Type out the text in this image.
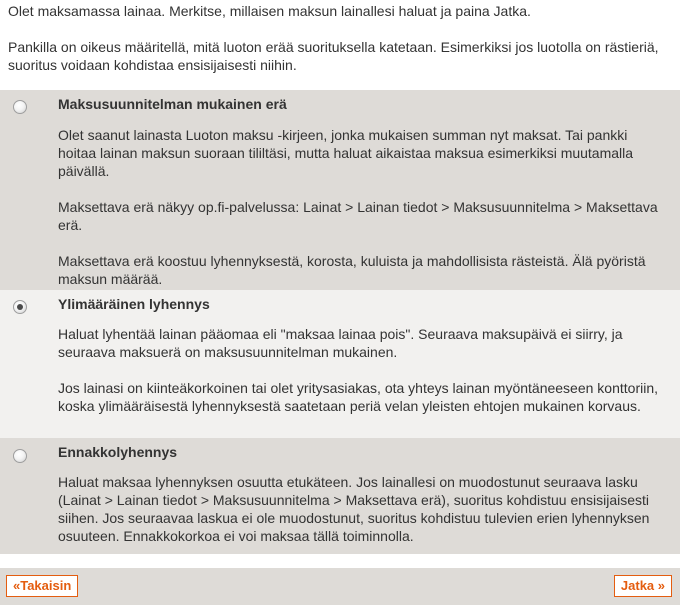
Olet maksamassa lainaa. Merkitse, millaisen maksun lainallesi haluat ja paina Jatka.

Pankilla on oikeus määritellä, mitä luoton erää suorituksella katetaan. Esimerkiksi jos luotolla on rästieriä, suoritus voidaan kohdistaa ensisijaisesti niihin.

Maksusuunnitelman mukainen erä

Olet saanut lainasta Luoton maksu -kirjeen, jonka mukaisen summan nyt maksat. Tai pankki hoitaa lainan maksun suoraan tililtäsi, mutta haluat aikaistaa maksua esimerkiksi muutamalla päivällä.

Maksettava erä näkyy op.fi-palvelussa: Lainat > Lainan tiedot > Maksusuunnitelma > Maksettava erä.

Maksettava erä koostuu lyhennyksestä, korosta, kuluista ja mahdollisista rästeistä. Älä pyöristä maksun määrää.

Ylimääräinen lyhennys

Haluat lyhentää lainan pääomaa eli "maksaa lainaa pois". Seuraava maksupäivä ei siirry, ja seuraava maksuerä on maksusuunnitelman mukainen.

Jos lainasi on kiinteäkorkoinen tai olet yritysasiakas, ota yhteys lainan myöntäneeseen konttoriin, koska ylimääräisestä lyhennyksestä saatetaan periä velan yleisten ehtojen mukainen korvaus.

Ennakkolyhennys

Haluat maksaa lyhennyksen osuutta etukäteen. Jos lainallesi on muodostunut seuraava lasku (Lainat > Lainan tiedot > Maksusuunnitelma > Maksettava erä), suoritus kohdistuu ensisijaisesti siihen. Jos seuraavaa laskua ei ole muodostunut, suoritus kohdistuu tulevien erien lyhennyksen osuuteen. Ennakkokorkoa ei voi maksaa tällä toiminnolla.

«Takaisin	Jatka »
